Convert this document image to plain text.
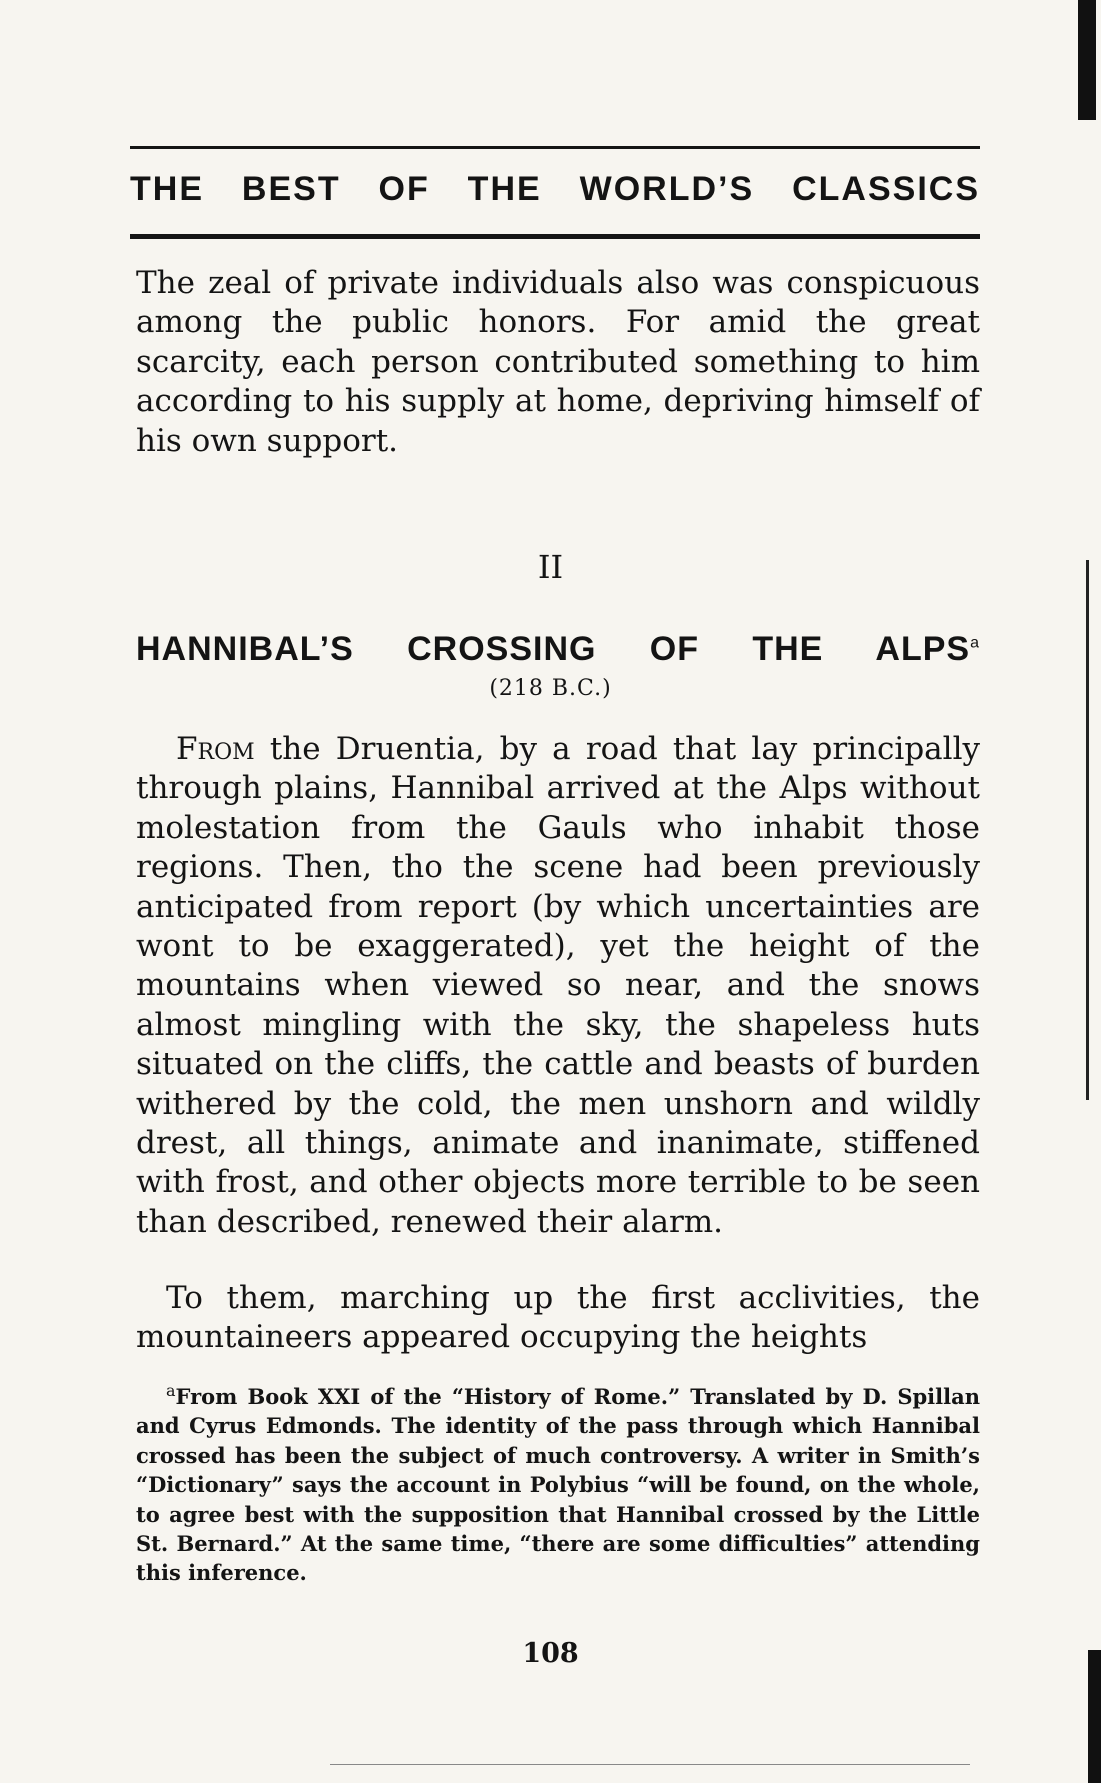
THE BEST OF THE WORLD’S CLASSICS
The zeal of private individuals also was conspicuous among the public honors. For amid the great scarcity, each person contributed something to him according to his supply at home, depriving himself of his own support.
II
HANNIBAL’S CROSSING OF THE ALPS$^a$
(218 B.C.)
From the Druentia, by a road that lay principally through plains, Hannibal arrived at the Alps without molestation from the Gauls who inhabit those regions. Then, tho the scene had been previously anticipated from report (by which uncertainties are wont to be exaggerated), yet the height of the mountains when viewed so near, and the snows almost mingling with the sky, the shapeless huts situated on the cliffs, the cattle and beasts of burden withered by the cold, the men unshorn and wildly drest, all things, animate and inanimate, stiffened with frost, and other objects more terrible to be seen than described, renewed their alarm.
To them, marching up the first acclivities, the mountaineers appeared occupying the heights
$^a$From Book XXI of the “History of Rome.” Translated by D. Spillan and Cyrus Edmonds. The identity of the pass through which Hannibal crossed has been the subject of much controversy. A writer in Smith’s “Dictionary” says the account in Polybius “will be found, on the whole, to agree best with the supposition that Hannibal crossed by the Little St. Bernard.” At the same time, “there are some difficulties” attending this inference.
108
